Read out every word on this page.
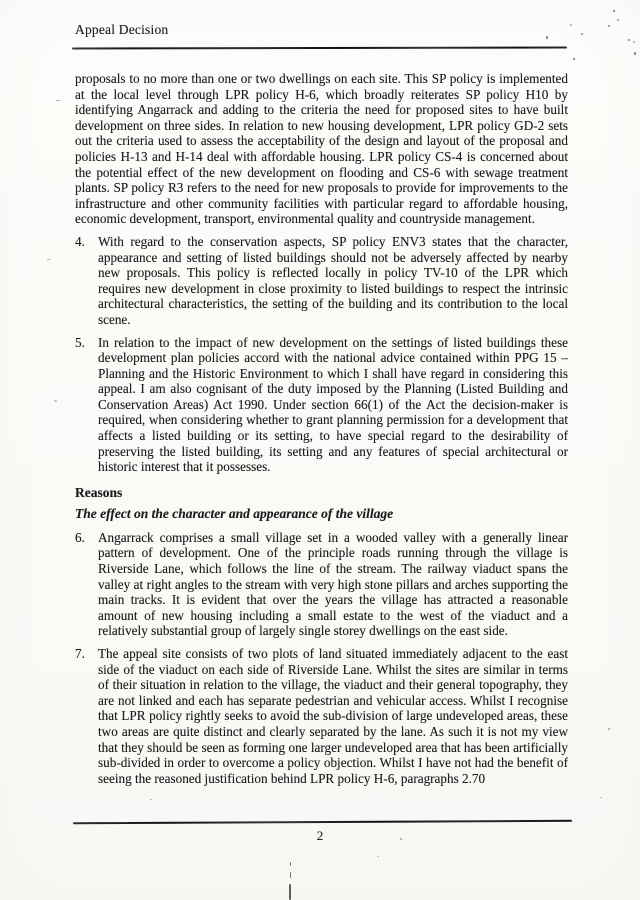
Appeal Decision

proposals to no more than one or two dwellings on each site. This SP policy is implemented at the local level through LPR policy H-6, which broadly reiterates SP policy H10 by identifying Angarrack and adding to the criteria the need for proposed sites to have built development on three sides. In relation to new housing development, LPR policy GD-2 sets out the criteria used to assess the acceptability of the design and layout of the proposal and policies H-13 and H-14 deal with affordable housing. LPR policy CS-4 is concerned about the potential effect of the new development on flooding and CS-6 with sewage treatment plants. SP policy R3 refers to the need for new proposals to provide for improvements to the infrastructure and other community facilities with particular regard to affordable housing, economic development, transport, environmental quality and countryside management.

4. With regard to the conservation aspects, SP policy ENV3 states that the character, appearance and setting of listed buildings should not be adversely affected by nearby new proposals. This policy is reflected locally in policy TV-10 of the LPR which requires new development in close proximity to listed buildings to respect the intrinsic architectural characteristics, the setting of the building and its contribution to the local scene.

5. In relation to the impact of new development on the settings of listed buildings these development plan policies accord with the national advice contained within PPG 15 – Planning and the Historic Environment to which I shall have regard in considering this appeal. I am also cognisant of the duty imposed by the Planning (Listed Building and Conservation Areas) Act 1990. Under section 66(1) of the Act the decision-maker is required, when considering whether to grant planning permission for a development that affects a listed building or its setting, to have special regard to the desirability of preserving the listed building, its setting and any features of special architectural or historic interest that it possesses.

Reasons
The effect on the character and appearance of the village
6. Angarrack comprises a small village set in a wooded valley with a generally linear pattern of development. One of the principle roads running through the village is Riverside Lane, which follows the line of the stream. The railway viaduct spans the valley at right angles to the stream with very high stone pillars and arches supporting the main tracks. It is evident that over the years the village has attracted a reasonable amount of new housing including a small estate to the west of the viaduct and a relatively substantial group of largely single storey dwellings on the east side.

7. The appeal site consists of two plots of land situated immediately adjacent to the east side of the viaduct on each side of Riverside Lane. Whilst the sites are similar in terms of their situation in relation to the village, the viaduct and their general topography, they are not linked and each has separate pedestrian and vehicular access. Whilst I recognise that LPR policy rightly seeks to avoid the sub-division of large undeveloped areas, these two areas are quite distinct and clearly separated by the lane. As such it is not my view that they should be seen as forming one larger undeveloped area that has been artificially sub-divided in order to overcome a policy objection. Whilst I have not had the benefit of seeing the reasoned justification behind LPR policy H-6, paragraphs 2.70

2
